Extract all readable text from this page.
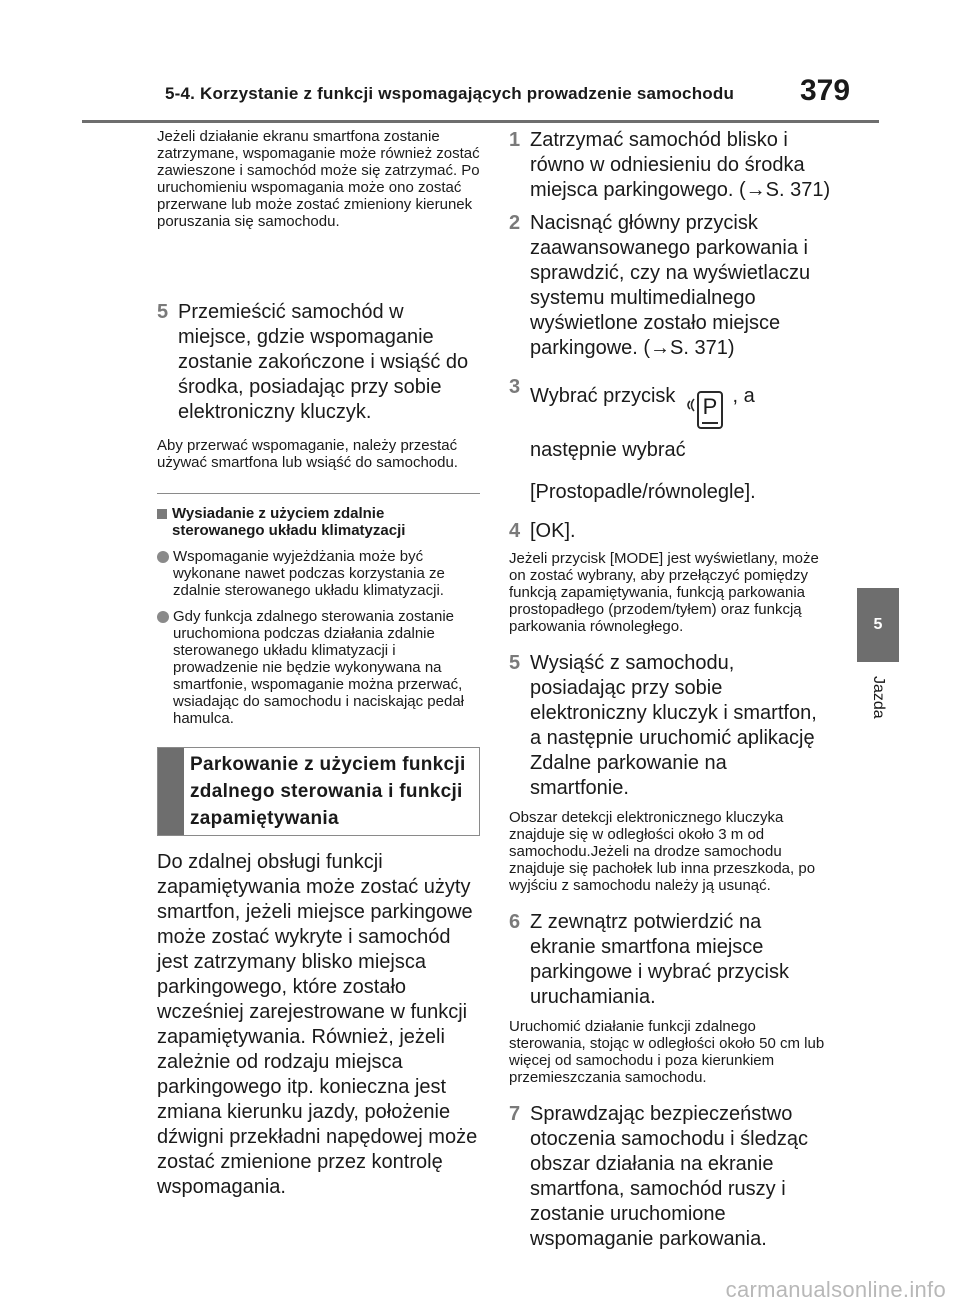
5-4. Korzystanie z funkcji wspomagających prowadzenie samochodu 379
5
Jazda

Jeżeli działanie ekranu smartfona zostanie zatrzymane, wspomaganie może również zostać zawieszone i samochód może się zatrzymać. Po uruchomieniu wspomagania może ono zostać przerwane lub może zostać zmieniony kierunek poruszania się samochodu.

5 Przemieścić samochód w miejsce, gdzie wspomaganie zostanie zakończone i wsiąść do środka, posiadając przy sobie elektroniczny kluczyk.

Aby przerwać wspomaganie, należy przestać używać smartfona lub wsiąść do samochodu.

Wysiadanie z użyciem zdalnie sterowanego układu klimatyzacji
Wspomaganie wyjeżdżania może być wykonane nawet podczas korzystania ze zdalnie sterowanego układu klimatyzacji.
Gdy funkcja zdalnego sterowania zostanie uruchomiona podczas działania zdalnie sterowanego układu klimatyzacji i prowadzenie nie będzie wykonywana na smartfonie, wspomaganie można przerwać, wsiadając do samochodu i naciskając pedał hamulca.
Parkowanie z użyciem funkcji zdalnego sterowania i funkcji zapamiętywania

Do zdalnej obsługi funkcji zapamiętywania może zostać użyty smartfon, jeżeli miejsce parkingowe może zostać wykryte i samochód jest zatrzymany blisko miejsca parkingowego, które zostało wcześniej zarejestrowane w funkcji zapamiętywania. Również, jeżeli zależnie od rodzaju miejsca parkingowego itp. konieczna jest zmiana kierunku jazdy, położenie dźwigni przekładni napędowej może zostać zmienione przez kontrolę wspomagania.

1 Zatrzymać samochód blisko i równo w odniesieniu do środka miejsca parkingowego. (→S. 371)
2 Nacisnąć główny przycisk zaawansowanego parkowania i sprawdzić, czy na wyświetlaczu systemu multimedialnego wyświetlone zostało miejsce parkingowe. (→S. 371)
3 Wybrać przycisk P , a następnie wybrać [Prostopadle/równolegle].
4 [OK].

Jeżeli przycisk [MODE] jest wyświetlany, może on zostać wybrany, aby przełączyć pomiędzy funkcją zapamiętywania, funkcją parkowania prostopadłego (przodem/tyłem) oraz funkcją parkowania równoległego.

5 Wysiąść z samochodu, posiadając przy sobie elektroniczny kluczyk i smartfon, a następnie uruchomić aplikację Zdalne parkowanie na smartfonie.

Obszar detekcji elektronicznego kluczyka znajduje się w odległości około 3 m od samochodu.Jeżeli na drodze samochodu znajduje się pachołek lub inna przeszkoda, po wyjściu z samochodu należy ją usunąć.

6 Z zewnątrz potwierdzić na ekranie smartfona miejsce parkingowe i wybrać przycisk uruchamiania.

Uruchomić działanie funkcji zdalnego sterowania, stojąc w odległości około 50 cm lub więcej od samochodu i poza kierunkiem przemieszczania samochodu.

7 Sprawdzając bezpieczeństwo otoczenia samochodu i śledząc obszar działania na ekranie smartfona, samochód ruszy i zostanie uruchomione wspomaganie parkowania.
carmanualsonline.info
